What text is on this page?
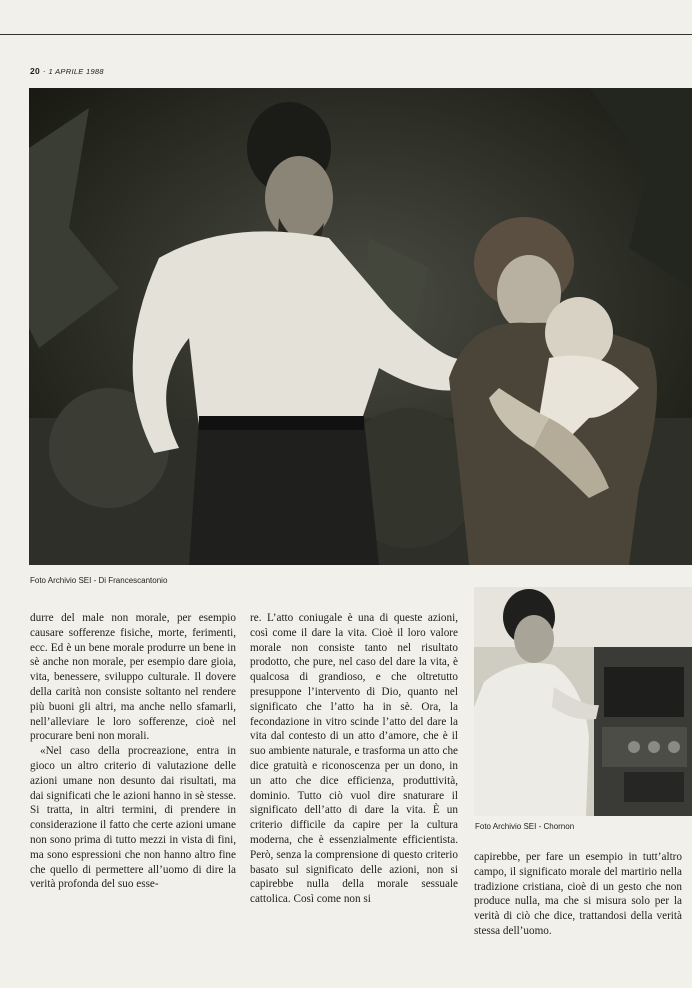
20 · 1 APRILE 1988
Foto Archivio SEI - Di Francescantonio

durre del male non morale, per esempio causare sofferenze fisiche, morte, ferimenti, ecc. Ed è un bene morale produrre un bene in sè anche non morale, per esempio dare gioia, vita, benessere, sviluppo culturale. Il dovere della carità non consiste soltanto nel rendere più buoni gli altri, ma anche nello sfamarli, nell’alleviare le loro sofferenze, cioè nel procurare beni non morali.

«Nel caso della procreazione, entra in gioco un altro criterio di valutazione delle azioni umane non desunto dai risultati, ma dai significati che le azioni hanno in sè stesse. Si tratta, in altri termini, di prendere in considerazione il fatto che certe azioni umane non sono prima di tutto mezzi in vista di fini, ma sono espressioni che non hanno altro fine che quello di permettere all’uomo di dire la verità profonda del suo esse-

re. L’atto coniugale è una di queste azioni, così come il dare la vita. Cioè il loro valore morale non consiste tanto nel risultato prodotto, che pure, nel caso del dare la vita, è qualcosa di grandioso, e che oltretutto presuppone l’intervento di Dio, quanto nel significato che l’atto ha in sè. Ora, la fecondazione in vitro scinde l’atto del dare la vita dal contesto di un atto d’amore, che è il suo ambiente naturale, e trasforma un atto che dice gratuità e riconoscenza per un dono, in un atto che dice efficienza, produttività, dominio. Tutto ciò vuol dire snaturare il significato dell’atto di dare la vita. È un criterio difficile da capire per la cultura moderna, che è essenzialmente efficientista. Però, senza la comprensione di questo criterio basato sul significato delle azioni, non si capirebbe nulla della morale sessuale cattolica. Così come non si

Foto Archivio SEI - Chornon

capirebbe, per fare un esempio in tutt’altro campo, il significato morale del martirio nella tradizione cristiana, cioè di un gesto che non produce nulla, ma che si misura solo per la verità di ciò che dice, trattandosi della verità stessa dell’uomo.
